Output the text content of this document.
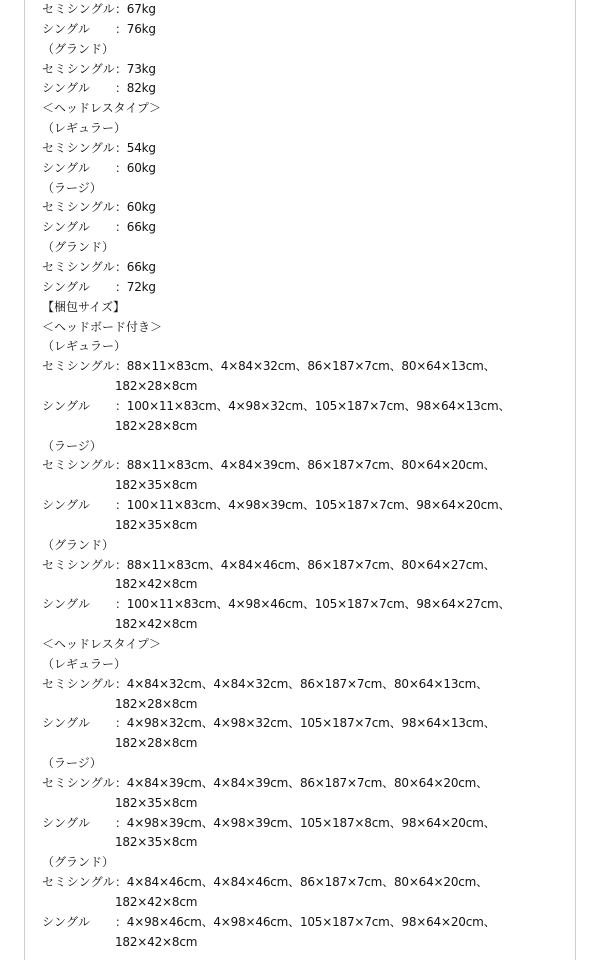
セミシングル：67kg
シングル ：76kg
（グランド）
セミシングル：73kg
シングル ：82kg
＜ヘッドレスタイプ＞
（レギュラー）
セミシングル：54kg
シングル ：60kg
（ラージ）
セミシングル：60kg
シングル ：66kg
（グランド）
セミシングル：66kg
シングル ：72kg
【梱包サイズ】
＜ヘッドボード付き＞
（レギュラー）
セミシングル：88×11×83cm、4×84×32cm、86×187×7cm、80×64×13cm、
182×28×8cm
シングル ：100×11×83cm、4×98×32cm、105×187×7cm、98×64×13cm、
182×28×8cm
（ラージ）
セミシングル：88×11×83cm、4×84×39cm、86×187×7cm、80×64×20cm、
182×35×8cm
シングル ：100×11×83cm、4×98×39cm、105×187×7cm、98×64×20cm、
182×35×8cm
（グランド）
セミシングル：88×11×83cm、4×84×46cm、86×187×7cm、80×64×27cm、
182×42×8cm
シングル ：100×11×83cm、4×98×46cm、105×187×7cm、98×64×27cm、
182×42×8cm
＜ヘッドレスタイプ＞
（レギュラー）
セミシングル：4×84×32cm、4×84×32cm、86×187×7cm、80×64×13cm、
182×28×8cm
シングル ：4×98×32cm、4×98×32cm、105×187×7cm、98×64×13cm、
182×28×8cm
（ラージ）
セミシングル：4×84×39cm、4×84×39cm、86×187×7cm、80×64×20cm、
182×35×8cm
シングル ：4×98×39cm、4×98×39cm、105×187×8cm、98×64×20cm、
182×35×8cm
（グランド）
セミシングル：4×84×46cm、4×84×46cm、86×187×7cm、80×64×20cm、
182×42×8cm
シングル ：4×98×46cm、4×98×46cm、105×187×7cm、98×64×20cm、
182×42×8cm
